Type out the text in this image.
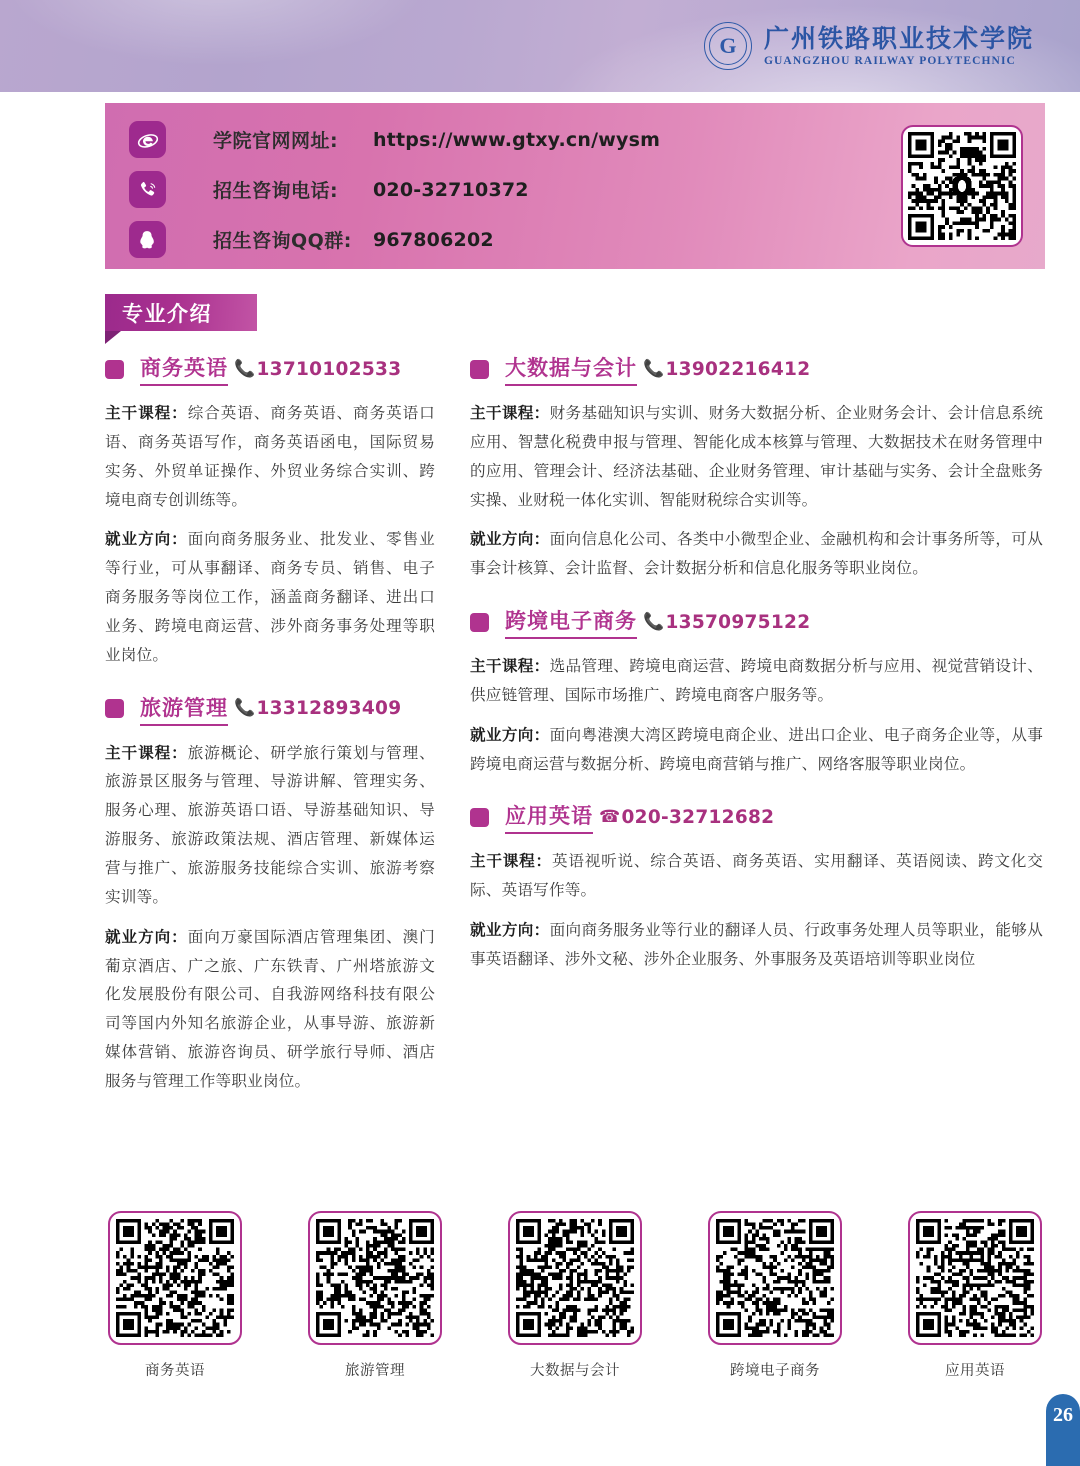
G
广州铁路职业技术学院
GUANGZHOU RAILWAY POLYTECHNIC
学院官网网址:	https://www.gtxy.cn/wysm
招生咨询电话:	020-32710372
招生咨询QQ群:	967806202
专业介绍
商务英语 📞 13710102533

主干课程：综合英语、商务英语、商务英语口语、商务英语写作，商务英语函电，国际贸易实务、外贸单证操作、外贸业务综合实训、跨境电商专创训练等。

就业方向：面向商务服务业、批发业、零售业等行业，可从事翻译、商务专员、销售、电子商务服务等岗位工作，涵盖商务翻译、进出口业务、跨境电商运营、涉外商务事务处理等职业岗位。

旅游管理 📞 13312893409

主干课程：旅游概论、研学旅行策划与管理、旅游景区服务与管理、导游讲解、管理实务、服务心理、旅游英语口语、导游基础知识、导游服务、旅游政策法规、酒店管理、新媒体运营与推广、旅游服务技能综合实训、旅游考察实训等。

就业方向：面向万豪国际酒店管理集团、澳门葡京酒店、广之旅、广东铁青、广州塔旅游文化发展股份有限公司、自我游网络科技有限公司等国内外知名旅游企业，从事导游、旅游新媒体营销、旅游咨询员、研学旅行导师、酒店服务与管理工作等职业岗位。

大数据与会计 📞 13902216412

主干课程：财务基础知识与实训、财务大数据分析、企业财务会计、会计信息系统应用、智慧化税费申报与管理、智能化成本核算与管理、大数据技术在财务管理中的应用、管理会计、经济法基础、企业财务管理、审计基础与实务、会计全盘账务实操、业财税一体化实训、智能财税综合实训等。

就业方向：面向信息化公司、各类中小微型企业、金融机构和会计事务所等，可从事会计核算、会计监督、会计数据分析和信息化服务等职业岗位。

跨境电子商务 📞 13570975122

主干课程：选品管理、跨境电商运营、跨境电商数据分析与应用、视觉营销设计、供应链管理、国际市场推广、跨境电商客户服务等。

就业方向：面向粤港澳大湾区跨境电商企业、进出口企业、电子商务企业等，从事跨境电商运营与数据分析、跨境电商营销与推广、网络客服等职业岗位。

应用英语 ☎ 020-32712682

主干课程：英语视听说、综合英语、商务英语、实用翻译、英语阅读、跨文化交际、英语写作等。

就业方向：面向商务服务业等行业的翻译人员、行政事务处理人员等职业，能够从事英语翻译、涉外文秘、涉外企业服务、外事服务及英语培训等职业岗位

商务英语	旅游管理	大数据与会计	跨境电子商务	应用英语
26
